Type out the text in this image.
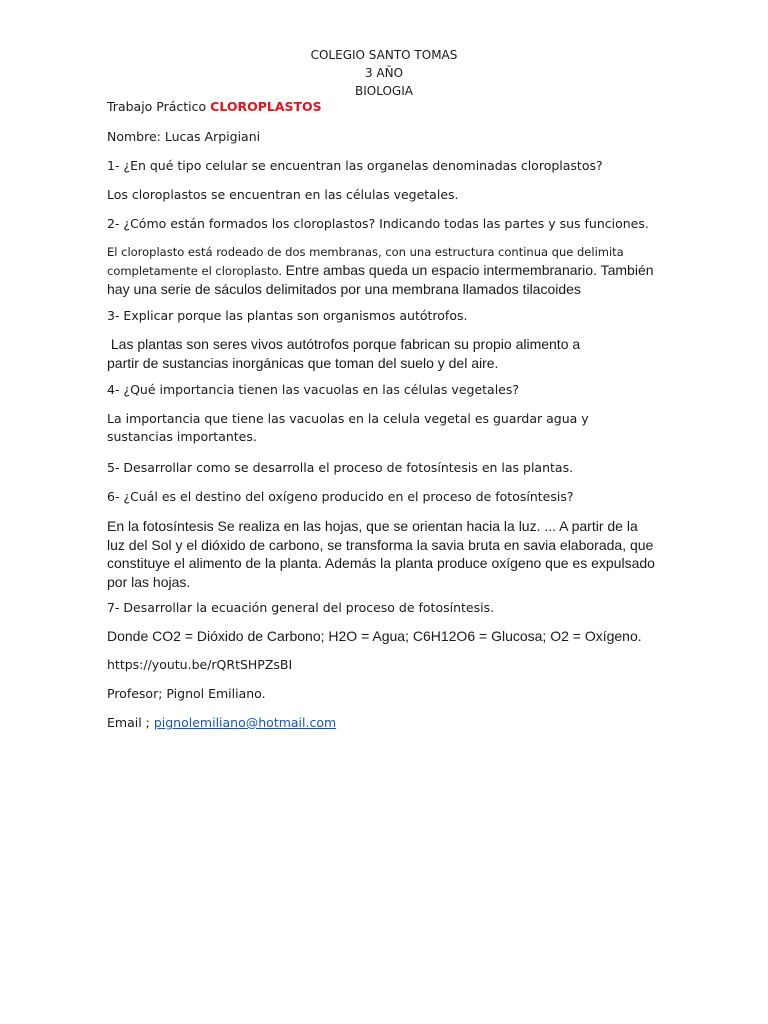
COLEGIO SANTO TOMAS
3 AÑO
BIOLOGIA

Trabajo Práctico CLOROPLASTOS

Nombre: Lucas Arpigiani

1- ¿En qué tipo celular se encuentran las organelas denominadas cloroplastos?

Los cloroplastos se encuentran en las células vegetales.

2- ¿Cómo están formados los cloroplastos? Indicando todas las partes y sus funciones.

El cloroplasto está rodeado de dos membranas, con una estructura continua que delimita completamente el cloroplasto. Entre ambas queda un espacio intermembranario. También hay una serie de sáculos delimitados por una membrana llamados tilacoides

3- Explicar porque las plantas son organismos autótrofos.

Las plantas son seres vivos autótrofos porque fabrican su propio alimento a
partir de sustancias inorgánicas que toman del suelo y del aire.

4- ¿Qué importancia tienen las vacuolas en las células vegetales?

La importancia que tiene las vacuolas en la celula vegetal es guardar agua y sustancias importantes.

5- Desarrollar como se desarrolla el proceso de fotosíntesis en las plantas.

6- ¿Cuál es el destino del oxígeno producido en el proceso de fotosíntesis?

En la fotosíntesis Se realiza en las hojas, que se orientan hacia la luz. ... A partir de la luz del Sol y el dióxido de carbono, se transforma la savia bruta en savia elaborada, que constituye el alimento de la planta. Además la planta produce oxígeno que es expulsado por las hojas.

7- Desarrollar la ecuación general del proceso de fotosíntesis.

Donde CO2 = Dióxido de Carbono; H2O = Agua; C6H12O6 = Glucosa; O2 = Oxígeno.

https://youtu.be/rQRtSHPZsBI

Profesor; Pignol Emiliano.

Email ; pignolemiliano@hotmail.com
